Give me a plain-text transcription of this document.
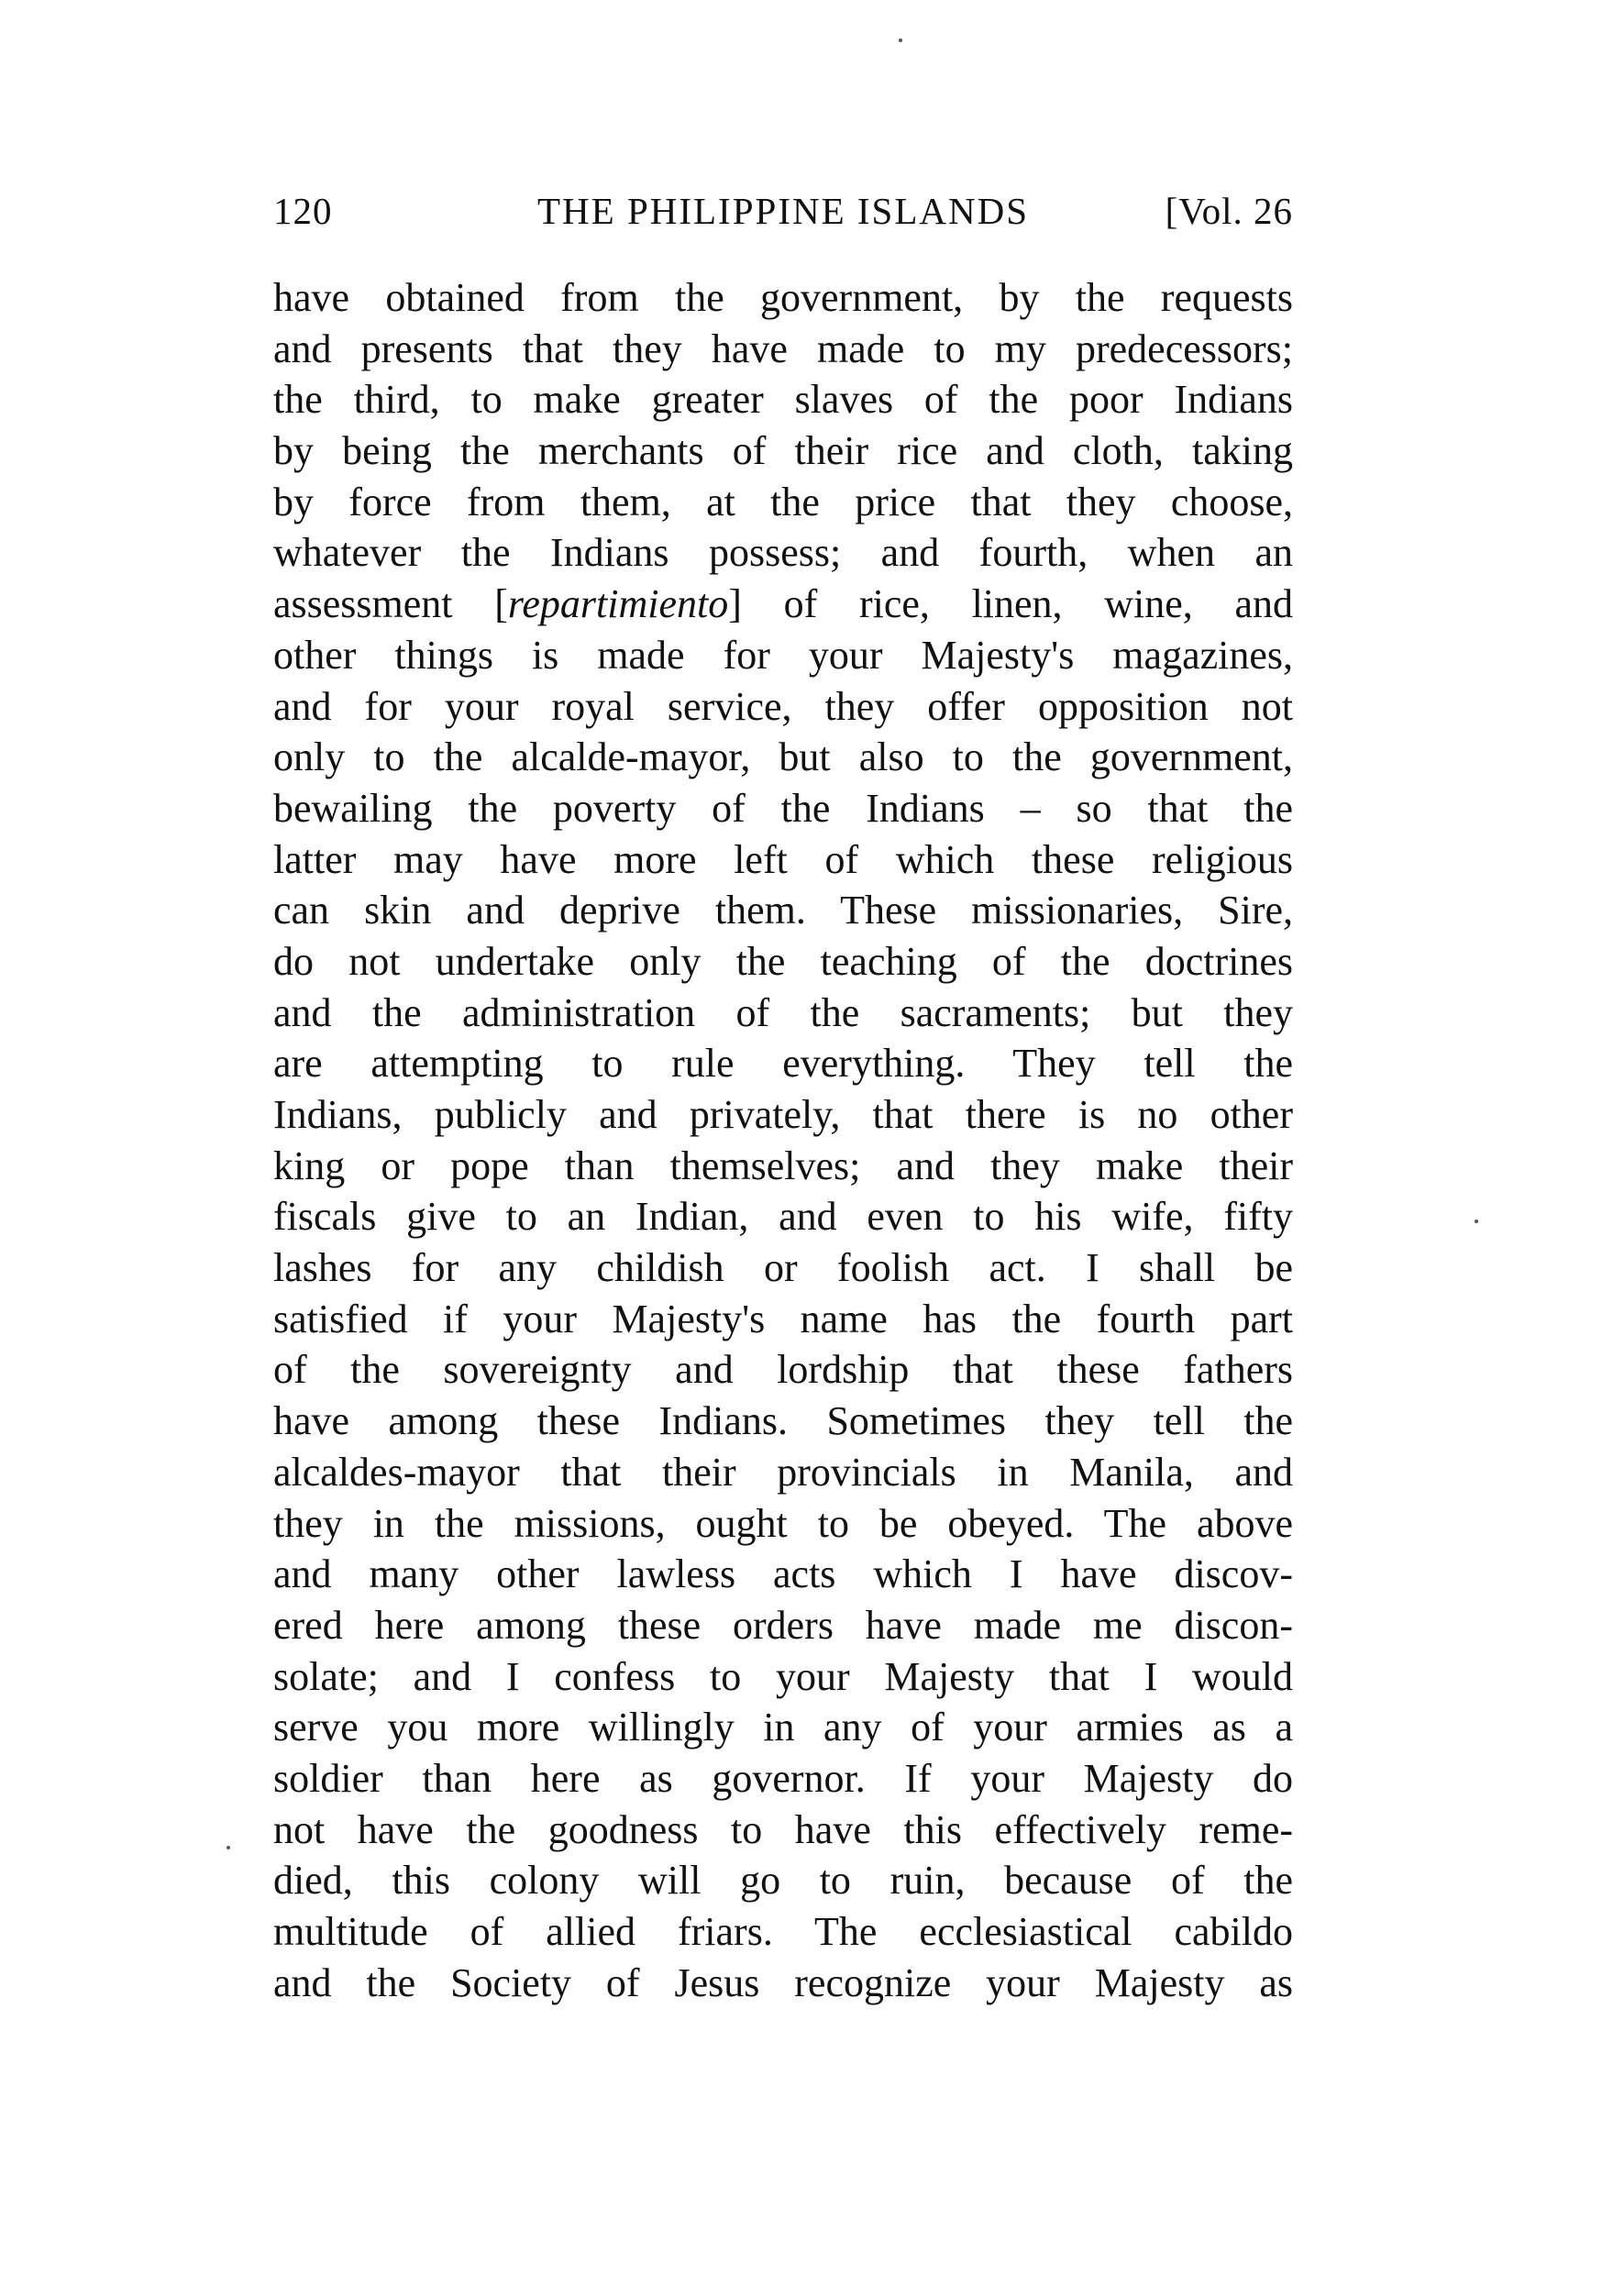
120	THE PHILIPPINE ISLANDS	[Vol. 26
have obtained from the government, by the requests
and presents that they have made to my predecessors;
the third, to make greater slaves of the poor Indians
by being the merchants of their rice and cloth, taking
by force from them, at the price that they choose,
whatever the Indians possess; and fourth, when an
assessment [repartimiento] of rice, linen, wine, and
other things is made for your Majesty's magazines,
and for your royal service, they offer opposition not
only to the alcalde-mayor, but also to the government,
bewailing the poverty of the Indians – so that the
latter may have more left of which these religious
can skin and deprive them. These missionaries, Sire,
do not undertake only the teaching of the doctrines
and the administration of the sacraments; but they
are attempting to rule everything. They tell the
Indians, publicly and privately, that there is no other
king or pope than themselves; and they make their
fiscals give to an Indian, and even to his wife, fifty
lashes for any childish or foolish act. I shall be
satisfied if your Majesty's name has the fourth part
of the sovereignty and lordship that these fathers
have among these Indians. Sometimes they tell the
alcaldes-mayor that their provincials in Manila, and
they in the missions, ought to be obeyed. The above
and many other lawless acts which I have discov-
ered here among these orders have made me discon-
solate; and I confess to your Majesty that I would
serve you more willingly in any of your armies as a
soldier than here as governor. If your Majesty do
not have the goodness to have this effectively reme-
died, this colony will go to ruin, because of the
multitude of allied friars. The ecclesiastical cabildo
and the Society of Jesus recognize your Majesty as
